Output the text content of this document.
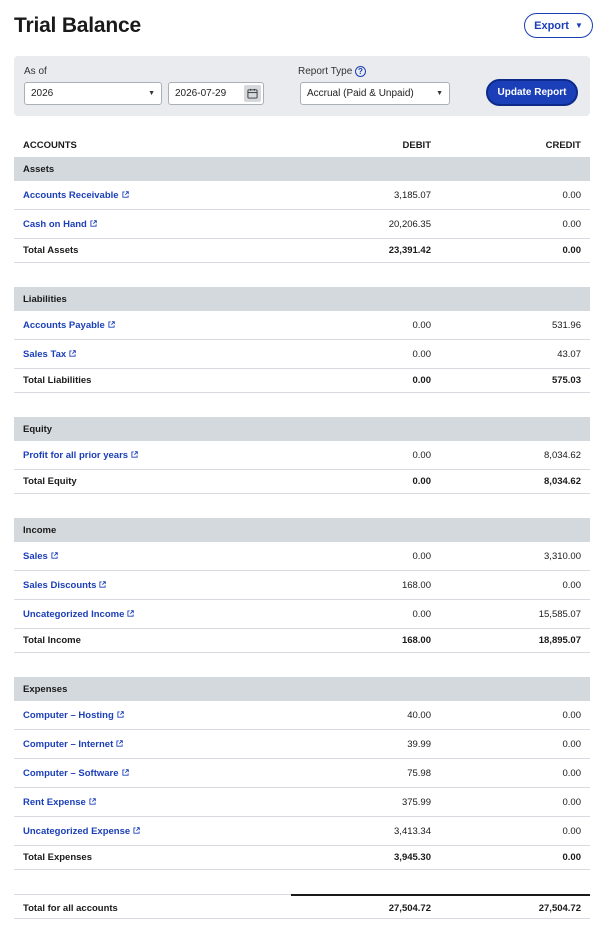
Trial Balance	Export ▼
As of
2026	▼ 2026-07-29
Report Type ?
Accrual (Paid & Unpaid)	▼	Update Report
ACCOUNTS	DEBIT	CREDIT
Assets
Accounts Receivable	3,185.07	0.00
Cash on Hand	20,206.35	0.00
Total Assets	23,391.42	0.00
Liabilities
Accounts Payable	0.00	531.96
Sales Tax	0.00	43.07
Total Liabilities	0.00	575.03
Equity
Profit for all prior years	0.00	8,034.62
Total Equity	0.00	8,034.62
Income
Sales	0.00	3,310.00
Sales Discounts	168.00	0.00
Uncategorized Income	0.00	15,585.07
Total Income	168.00	18,895.07
Expenses
Computer – Hosting	40.00	0.00
Computer – Internet	39.99	0.00
Computer – Software	75.98	0.00
Rent Expense	375.99	0.00
Uncategorized Expense	3,413.34	0.00
Total Expenses	3,945.30	0.00
Total for all accounts	27,504.72	27,504.72
